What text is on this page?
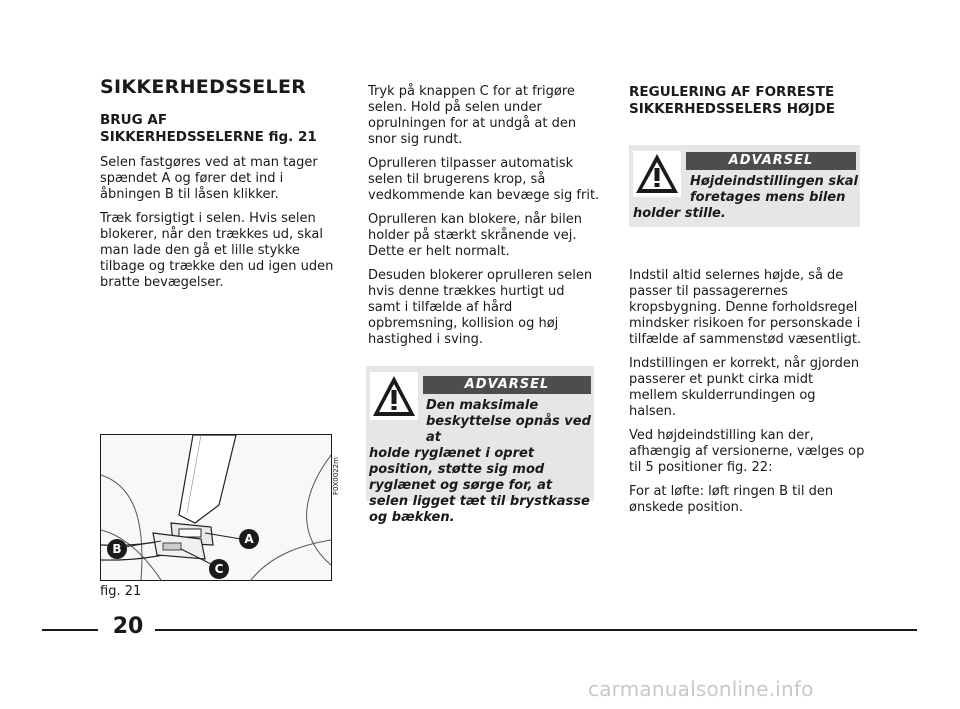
SIKKERHEDSSELER
BRUG AF
SIKKERHEDSSELERNE fig. 21

Selen fastgøres ved at man tager spændet A og fører det ind i åbningen B til låsen klikker.

Træk forsigtigt i selen. Hvis selen blokerer, når den trækkes ud, skal man lade den gå et lille stykke tilbage og trække den ud igen uden bratte bevægelser.

Tryk på knappen C for at frigøre selen. Hold på selen under oprulningen for at undgå at den snor sig rundt.

Oprulleren tilpasser automatisk selen til brugerens krop, så vedkommende kan bevæge sig frit.

Oprulleren kan blokere, når bilen holder på stærkt skrånende vej. Dette er helt normalt.

Desuden blokerer oprulleren selen hvis denne trækkes hurtigt ud samt i tilfælde af hård opbremsning, kollision og høj hastighed i sving.

ADVARSEL
Den maksimale beskyttelse opnås ved at
holde ryglænet i opret position, støtte sig mod ryglænet og sørge for, at selen ligget tæt til brystkasse og bækken.
REGULERING AF FORRESTE
SIKKERHEDSSELERS HØJDE

Indstil altid selernes højde, så de passer til passagerernes kropsbygning. Denne forholdsregel mindsker risikoen for personskade i tilfælde af sammenstød væsentligt.

Indstillingen er korrekt, når gjorden passerer et punkt cirka midt mellem skulderrundingen og halsen.

Ved højdeindstilling kan der, afhængig af versionerne, vælges op til 5 positioner fig. 22:

For at løfte: løft ringen B til den ønskede position.

ADVARSEL
Højdeindstillingen skal foretages mens bilen
holder stille.
B
A
C
F0X0022m
fig. 21
20
carmanualsonline.info
